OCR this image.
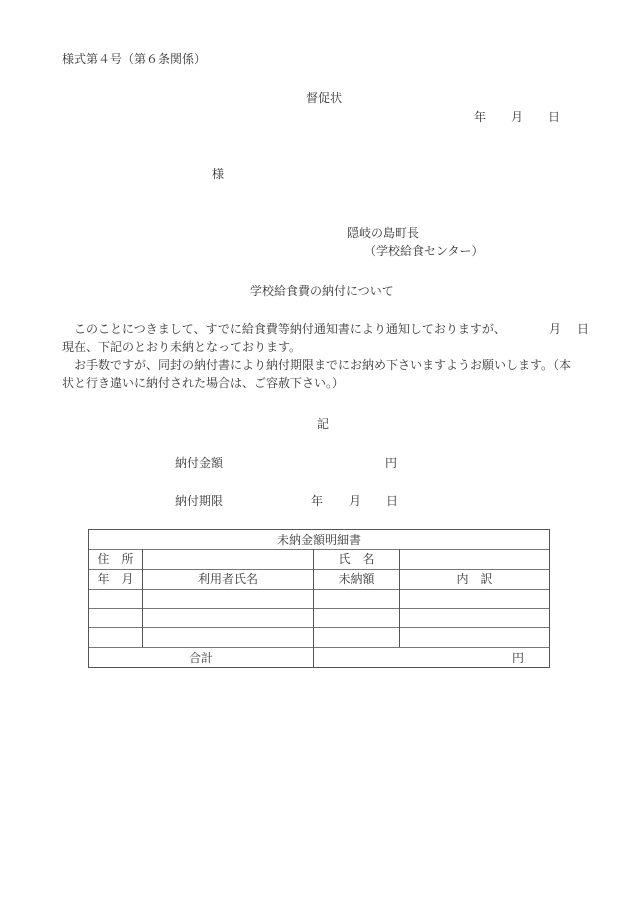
様式第４号（第６条関係）
督促状
年 月 日
様
隠岐の島町長
（学校給食センター）
学校給食費の納付について
　このことにつきまして、すでに給食費等納付通知書により通知しておりますが、
現在、下記のとおり未納となっております。
　お手数ですが、同封の納付書により納付期限までにお納め下さいますようお願いします。（本
状と行き違いに納付された場合は、ご容赦下さい。）
月 日
記
納付金額	円
納付期限	年 月 日
未納金額明細書
住　所	氏　名
年　月	利用者氏名	未納額	内　訳
合計	円
